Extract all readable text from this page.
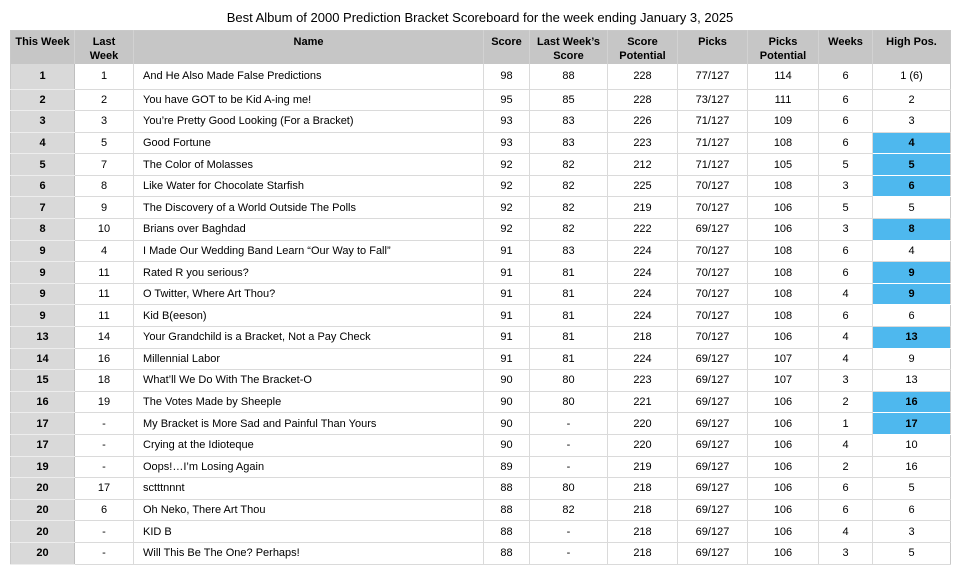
Best Album of 2000 Prediction Bracket Scoreboard for the week ending January 3, 2025
This Week	Last Week	Name	Score	Last Week’s Score	Score Potential	Picks	Picks Potential	Weeks	High Pos.
1	1	And He Also Made False Predictions	98	88	228	77/127	114	6	1 (6)
2	2	You have GOT to be Kid A-ing me!	95	85	228	73/127	111	6	2
3	3	You’re Pretty Good Looking (For a Bracket)	93	83	226	71/127	109	6	3
4	5	Good Fortune	93	83	223	71/127	108	6	4
5	7	The Color of Molasses	92	82	212	71/127	105	5	5
6	8	Like Water for Chocolate Starfish	92	82	225	70/127	108	3	6
7	9	The Discovery of a World Outside The Polls	92	82	219	70/127	106	5	5
8	10	Brians over Baghdad	92	82	222	69/127	106	3	8
9	4	I Made Our Wedding Band Learn “Our Way to Fall”	91	83	224	70/127	108	6	4
9	11	Rated R you serious?	91	81	224	70/127	108	6	9
9	11	O Twitter, Where Art Thou?	91	81	224	70/127	108	4	9
9	11	Kid B(eeson)	91	81	224	70/127	108	6	6
13	14	Your Grandchild is a Bracket, Not a Pay Check	91	81	218	70/127	106	4	13
14	16	Millennial Labor	91	81	224	69/127	107	4	9
15	18	What’ll We Do With The Bracket-O	90	80	223	69/127	107	3	13
16	19	The Votes Made by Sheeple	90	80	221	69/127	106	2	16
17	-	My Bracket is More Sad and Painful Than Yours	90	-	220	69/127	106	1	17
17	-	Crying at the Idioteque	90	-	220	69/127	106	4	10
19	-	Oops!…I’m Losing Again	89	-	219	69/127	106	2	16
20	17	sctttnnnt	88	80	218	69/127	106	6	5
20	6	Oh Neko, There Art Thou	88	82	218	69/127	106	6	6
20	-	KID B	88	-	218	69/127	106	4	3
20	-	Will This Be The One? Perhaps!	88	-	218	69/127	106	3	5
